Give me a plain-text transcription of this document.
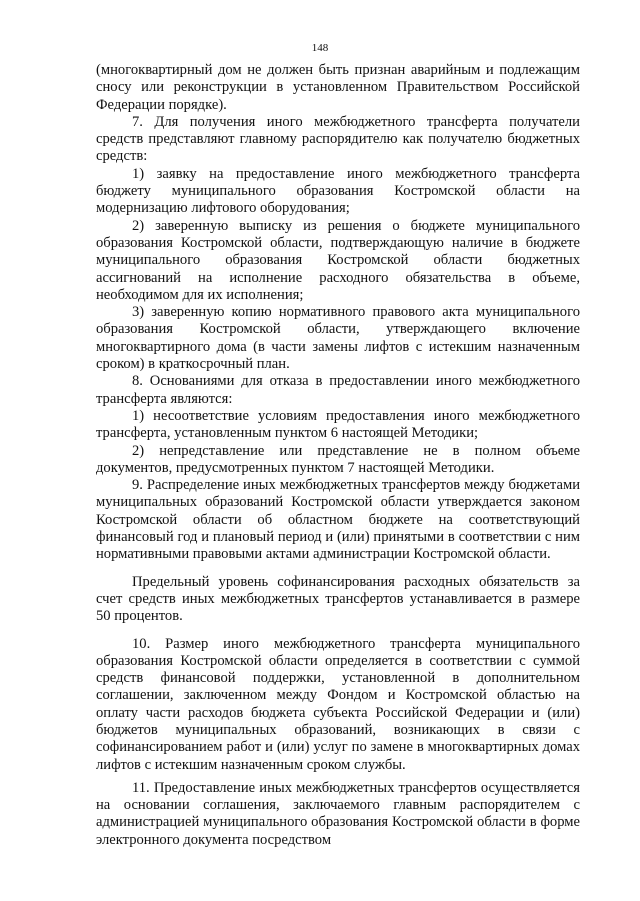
148

(многоквартирный дом не должен быть признан аварийным и подлежащим сносу или реконструкции в установленном Правительством Российской Федерации порядке).

7. Для получения иного межбюджетного трансферта получатели средств представляют главному распорядителю как получателю бюджетных средств:

1) заявку на предоставление иного межбюджетного трансферта бюджету муниципального образования Костромской области на модернизацию лифтового оборудования;

2) заверенную выписку из решения о бюджете муниципального образования Костромской области, подтверждающую наличие в бюджете муниципального образования Костромской области бюджетных ассигнований на исполнение расходного обязательства в объеме, необходимом для их исполнения;

3) заверенную копию нормативного правового акта муниципального образования Костромской области, утверждающего включение многоквартирного дома (в части замены лифтов с истекшим назначенным сроком) в краткосрочный план.

8. Основаниями для отказа в предоставлении иного межбюджетного трансферта являются:

1) несоответствие условиям предоставления иного межбюджетного трансферта, установленным пунктом 6 настоящей Методики;

2) непредставление или представление не в полном объеме документов, предусмотренных пунктом 7 настоящей Методики.

9. Распределение иных межбюджетных трансфертов между бюджетами муниципальных образований Костромской области утверждается законом Костромской области об областном бюджете на соответствующий финансовый год и плановый период и (или) принятыми в соответствии с ним нормативными правовыми актами администрации Костромской области.

Предельный уровень софинансирования расходных обязательств за счет средств иных межбюджетных трансфертов устанавливается в размере 50 процентов.

10. Размер иного межбюджетного трансферта муниципального образования Костромской области определяется в соответствии с суммой средств финансовой поддержки, установленной в дополнительном соглашении, заключенном между Фондом и Костромской областью на оплату части расходов бюджета субъекта Российской Федерации и (или) бюджетов муниципальных образований, возникающих в связи с софинансированием работ и (или) услуг по замене в многоквартирных домах лифтов с истекшим назначенным сроком службы.

11. Предоставление иных межбюджетных трансфертов осуществляется на основании соглашения, заключаемого главным распорядителем с администрацией муниципального образования Костромской области в форме электронного документа посредством
